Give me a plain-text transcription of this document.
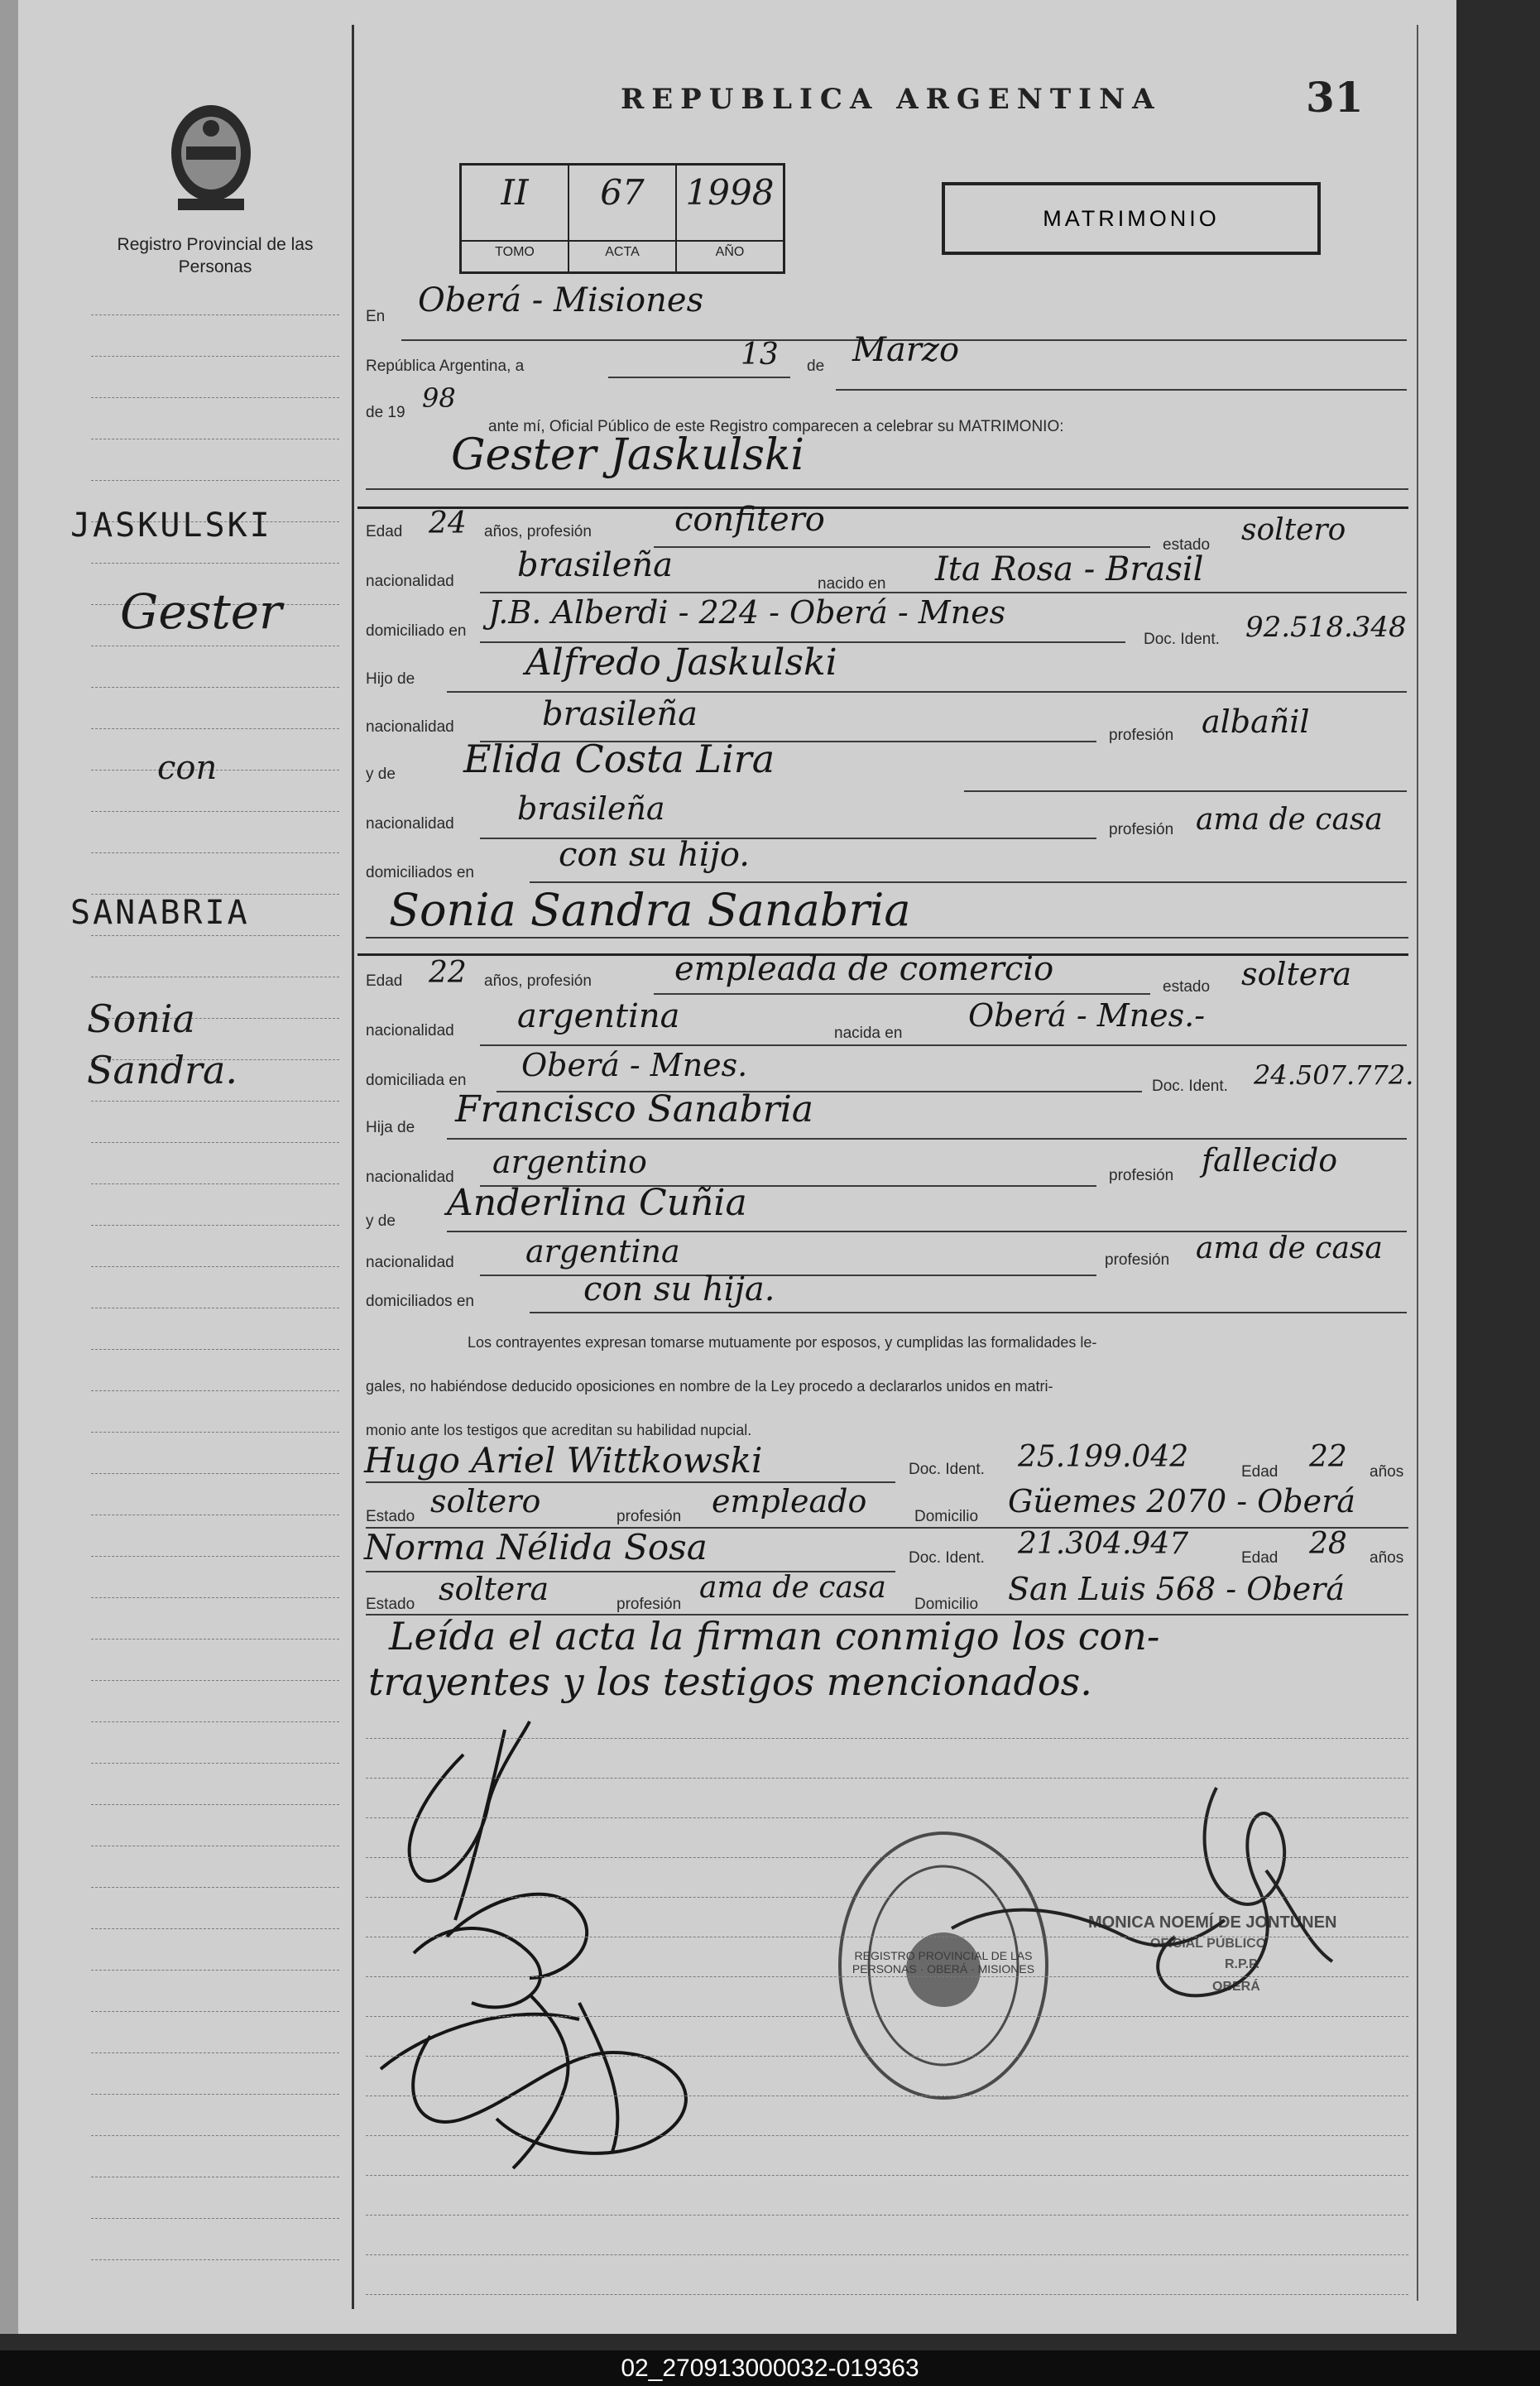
Registro Provincial de las Personas
REPUBLICA ARGENTINA	31
II
TOMO
67
ACTA
1998
AÑO
MATRIMONIO
En Oberá - Misiones
República Argentina, a	13 de Marzo
de 19 98
ante mí, Oficial Público de este Registro comparecen a celebrar su MATRIMONIO:
Gester Jaskulski
Edad 24 años, profesión	confitero
estado soltero
nacionalidad brasileña	nacido en Ita Rosa - Brasil
domiciliado en
J.B. Alberdi - 224 - Oberá - Mnes
Doc. Ident. 92.518.348
Hijo de	Alfredo Jaskulski
nacionalidad	brasileña
profesión albañil
y de Elida Costa Lira
nacionalidad brasileña
profesión ama de casa
domiciliados en	con su hijo.
Sonia Sandra Sanabria
Edad 22 años, profesión	empleada de comercio	estado soltera
nacionalidad argentina	nacida en Oberá - Mnes.-
domiciliada en Oberá - Mnes.
Doc. Ident. 24.507.772.
Hija de Francisco Sanabria
nacionalidad argentino	profesión fallecido
y de Anderlina Cuñia
nacionalidad argentina	profesión ama de casa
domiciliados en	con su hija.
Los contrayentes expresan tomarse mutuamente por esposos, y cumplidas las formalidades le-
gales, no habiéndose deducido oposiciones en nombre de la Ley procedo a declararlos unidos en matri-
monio ante los testigos que acreditan su habilidad nupcial.
Hugo Ariel Wittkowski	Doc. Ident. 25.199.042	Edad 22 años
Estado soltero	profesión empleado	Domicilio Güemes 2070 - Oberá
Norma Nélida Sosa	Doc. Ident. 21.304.947	Edad 28 años
Estado soltera	profesión ama de casa Domicilio San Luis 568 - Oberá
Leída el acta la firman conmigo los con-
trayentes y los testigos mencionados.
REGISTRO PROVINCIAL DE LAS PERSONAS · OBERÁ · MISIONES
MONICA NOEMÍ DE JONTUNEN
OFICIAL PÚBLICO
R.P.P.
OBERÁ
JASKULSKI
Gester
con
SANABRIA
Sonia Sandra.
02_270913000032-019363
